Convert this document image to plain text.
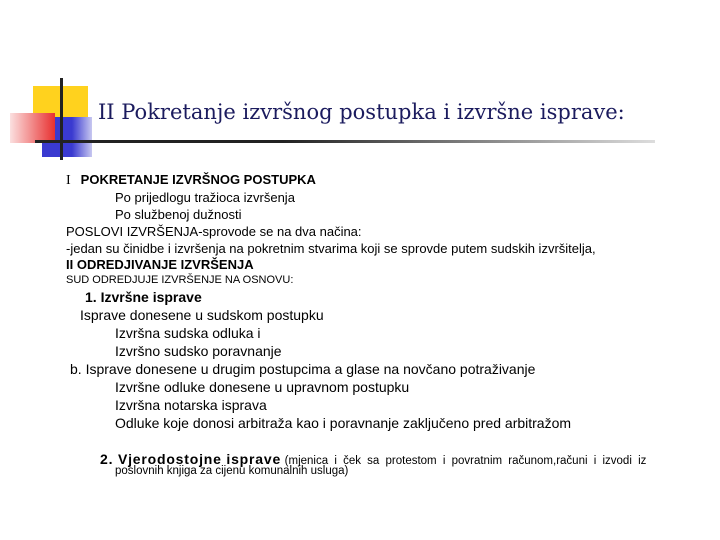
II Pokretanje izvršnog postupka i izvršne isprave:
I POKRETANJE IZVRŠNOG POSTUPKA
Po prijedlogu tražioca izvršenja
Po službenoj dužnosti
POSLOVI IZVRŠENJA-sprovode se na dva načina:
-jedan su činidbe i izvršenja na pokretnim stvarima koji se sprovde putem sudskih izvršitelja,
II ODREDJIVANJE IZVRŠENJA
SUD ODREDJUJE IZVRŠENJE NA OSNOVU:
1. Izvršne isprave
Isprave donesene u sudskom postupku
Izvršna sudska odluka i
Izvršno sudsko poravnanje
b. Isprave donesene u drugim postupcima a glase na novčano potraživanje
Izvršne odluke donesene u upravnom postupku
Izvršna notarska isprava
Odluke koje donosi arbitraža kao i poravnanje zaključeno pred arbitražom
2. Vjerodostojne isprave (mjenica i ček sa protestom i povratnim računom,računi i izvodi iz
poslovnih knjiga za cijenu komunalnih usluga)
